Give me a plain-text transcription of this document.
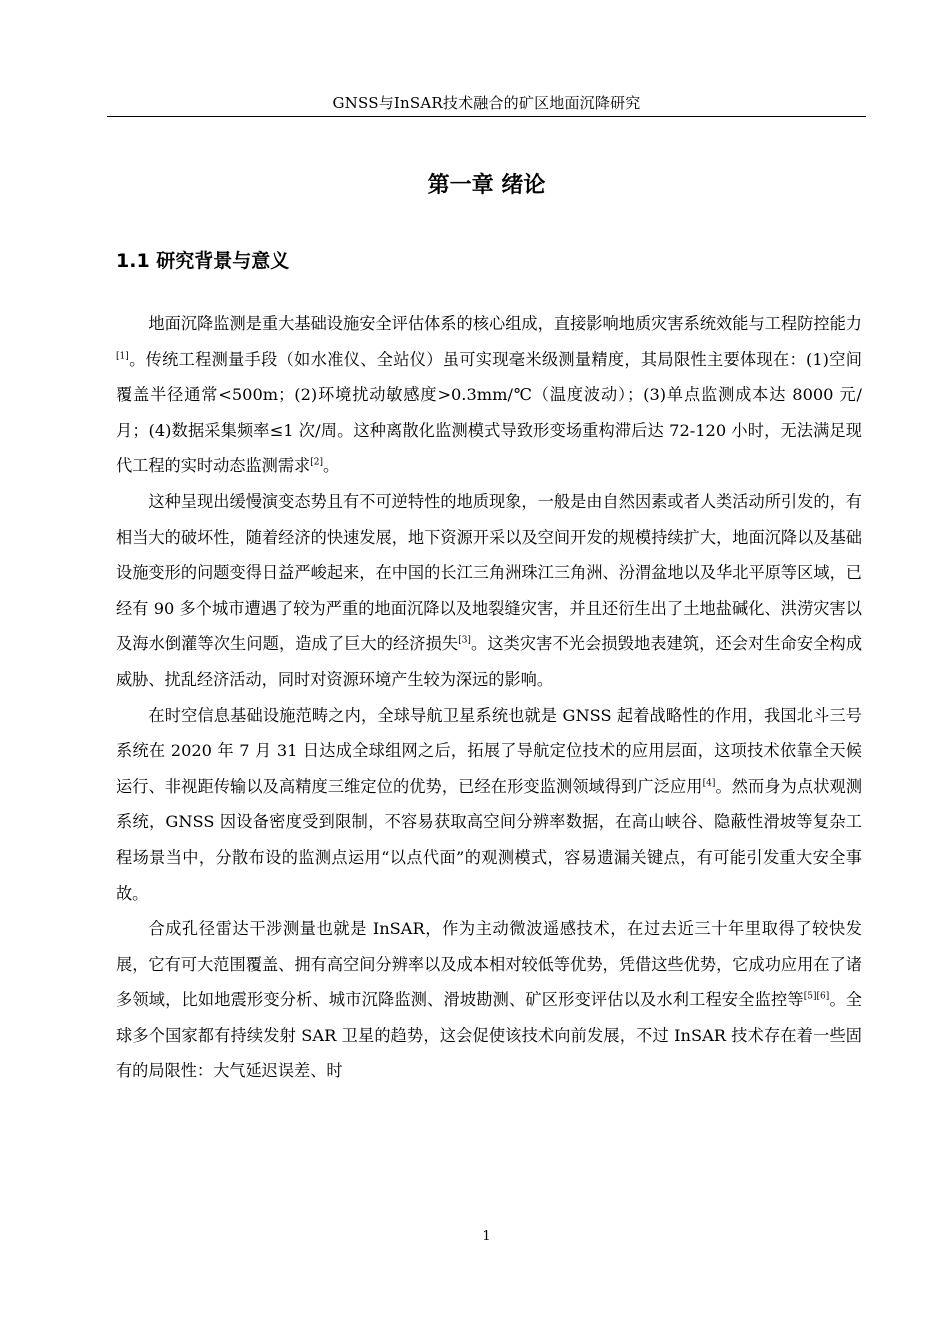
GNSS与InSAR技术融合的矿区地面沉降研究
第一章 绪论
1.1 研究背景与意义

地面沉降监测是重大基础设施安全评估体系的核心组成，直接影响地质灾害系统效能与工程防控能力[1]。传统工程测量手段（如水准仪、全站仪）虽可实现毫米级测量精度，其局限性主要体现在：(1)空间覆盖半径通常<500m；(2)环境扰动敏感度>0.3mm/℃（温度波动）；(3)单点监测成本达 8000 元/月；(4)数据采集频率≤1 次/周。这种离散化监测模式导致形变场重构滞后达 72-120 小时，无法满足现代工程的实时动态监测需求[2]。

这种呈现出缓慢演变态势且有不可逆特性的地质现象，一般是由自然因素或者人类活动所引发的，有相当大的破坏性，随着经济的快速发展，地下资源开采以及空间开发的规模持续扩大，地面沉降以及基础设施变形的问题变得日益严峻起来，在中国的长江三角洲珠江三角洲、汾渭盆地以及华北平原等区域，已经有 90 多个城市遭遇了较为严重的地面沉降以及地裂缝灾害，并且还衍生出了土地盐碱化、洪涝灾害以及海水倒灌等次生问题，造成了巨大的经济损失[3]。这类灾害不光会损毁地表建筑，还会对生命安全构成威胁、扰乱经济活动，同时对资源环境产生较为深远的影响。

在时空信息基础设施范畴之内，全球导航卫星系统也就是 GNSS 起着战略性的作用，我国北斗三号系统在 2020 年 7 月 31 日达成全球组网之后，拓展了导航定位技术的应用层面，这项技术依靠全天候运行、非视距传输以及高精度三维定位的优势，已经在形变监测领域得到广泛应用[4]。然而身为点状观测系统，GNSS 因设备密度受到限制，不容易获取高空间分辨率数据，在高山峡谷、隐蔽性滑坡等复杂工程场景当中，分散布设的监测点运用“以点代面”的观测模式，容易遗漏关键点，有可能引发重大安全事故。

合成孔径雷达干涉测量也就是 InSAR，作为主动微波遥感技术，在过去近三十年里取得了较快发展，它有可大范围覆盖、拥有高空间分辨率以及成本相对较低等优势，凭借这些优势，它成功应用在了诸多领域，比如地震形变分析、城市沉降监测、滑坡勘测、矿区形变评估以及水利工程安全监控等[5][6]。全球多个国家都有持续发射 SAR 卫星的趋势，这会促使该技术向前发展，不过 InSAR 技术存在着一些固有的局限性：大气延迟误差、时

1
